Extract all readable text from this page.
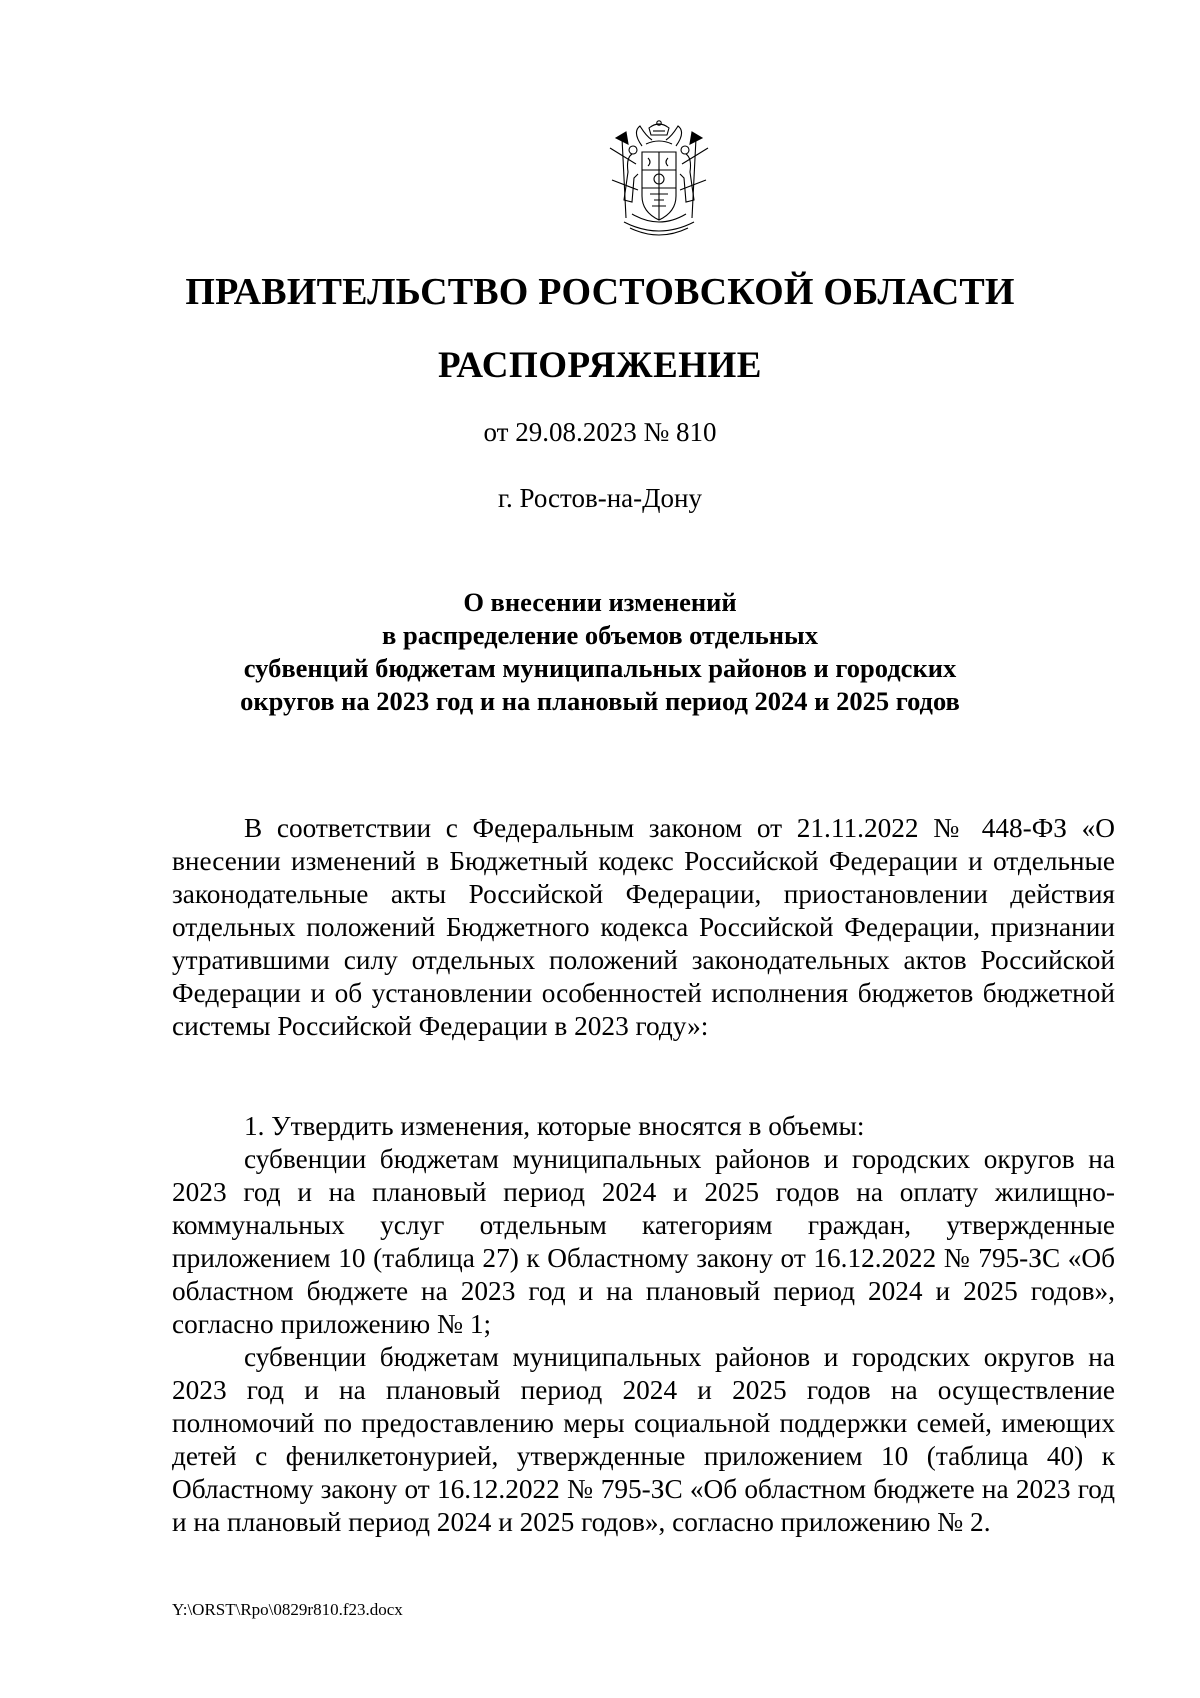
ПРАВИТЕЛЬСТВО РОСТОВСКОЙ ОБЛАСТИ
РАСПОРЯЖЕНИЕ
от 29.08.2023 № 810
г. Ростов-на-Дону
О внесении изменений
в распределение объемов отдельных
субвенций бюджетам муниципальных районов и городских
округов на 2023 год и на плановый период 2024 и 2025 годов

В соответствии с Федеральным законом от 21.11.2022 № 448-ФЗ «О внесении изменений в Бюджетный кодекс Российской Федерации и отдельные законодательные акты Российской Федерации, приостановлении действия отдельных положений Бюджетного кодекса Российской Федерации, признании утратившими силу отдельных положений законодательных актов Российской Федерации и об установлении особенностей исполнения бюджетов бюджетной системы Российской Федерации в 2023 году»:

1. Утвердить изменения, которые вносятся в объемы:

субвенции бюджетам муниципальных районов и городских округов на 2023 год и на плановый период 2024 и 2025 годов на оплату жилищно-коммунальных услуг отдельным категориям граждан, утвержденные приложением 10 (таблица 27) к Областному закону от 16.12.2022 № 795-ЗС «Об областном бюджете на 2023 год и на плановый период 2024 и 2025 годов», согласно приложению № 1;

субвенции бюджетам муниципальных районов и городских округов на 2023 год и на плановый период 2024 и 2025 годов на осуществление полномочий по предоставлению меры социальной поддержки семей, имеющих детей с фенилкетонурией, утвержденные приложением 10 (таблица 40) к Областному закону от 16.12.2022 № 795-ЗС «Об областном бюджете на 2023 год и на плановый период 2024 и 2025 годов», согласно приложению № 2.

Y:\ORST\Rpo\0829r810.f23.docx
